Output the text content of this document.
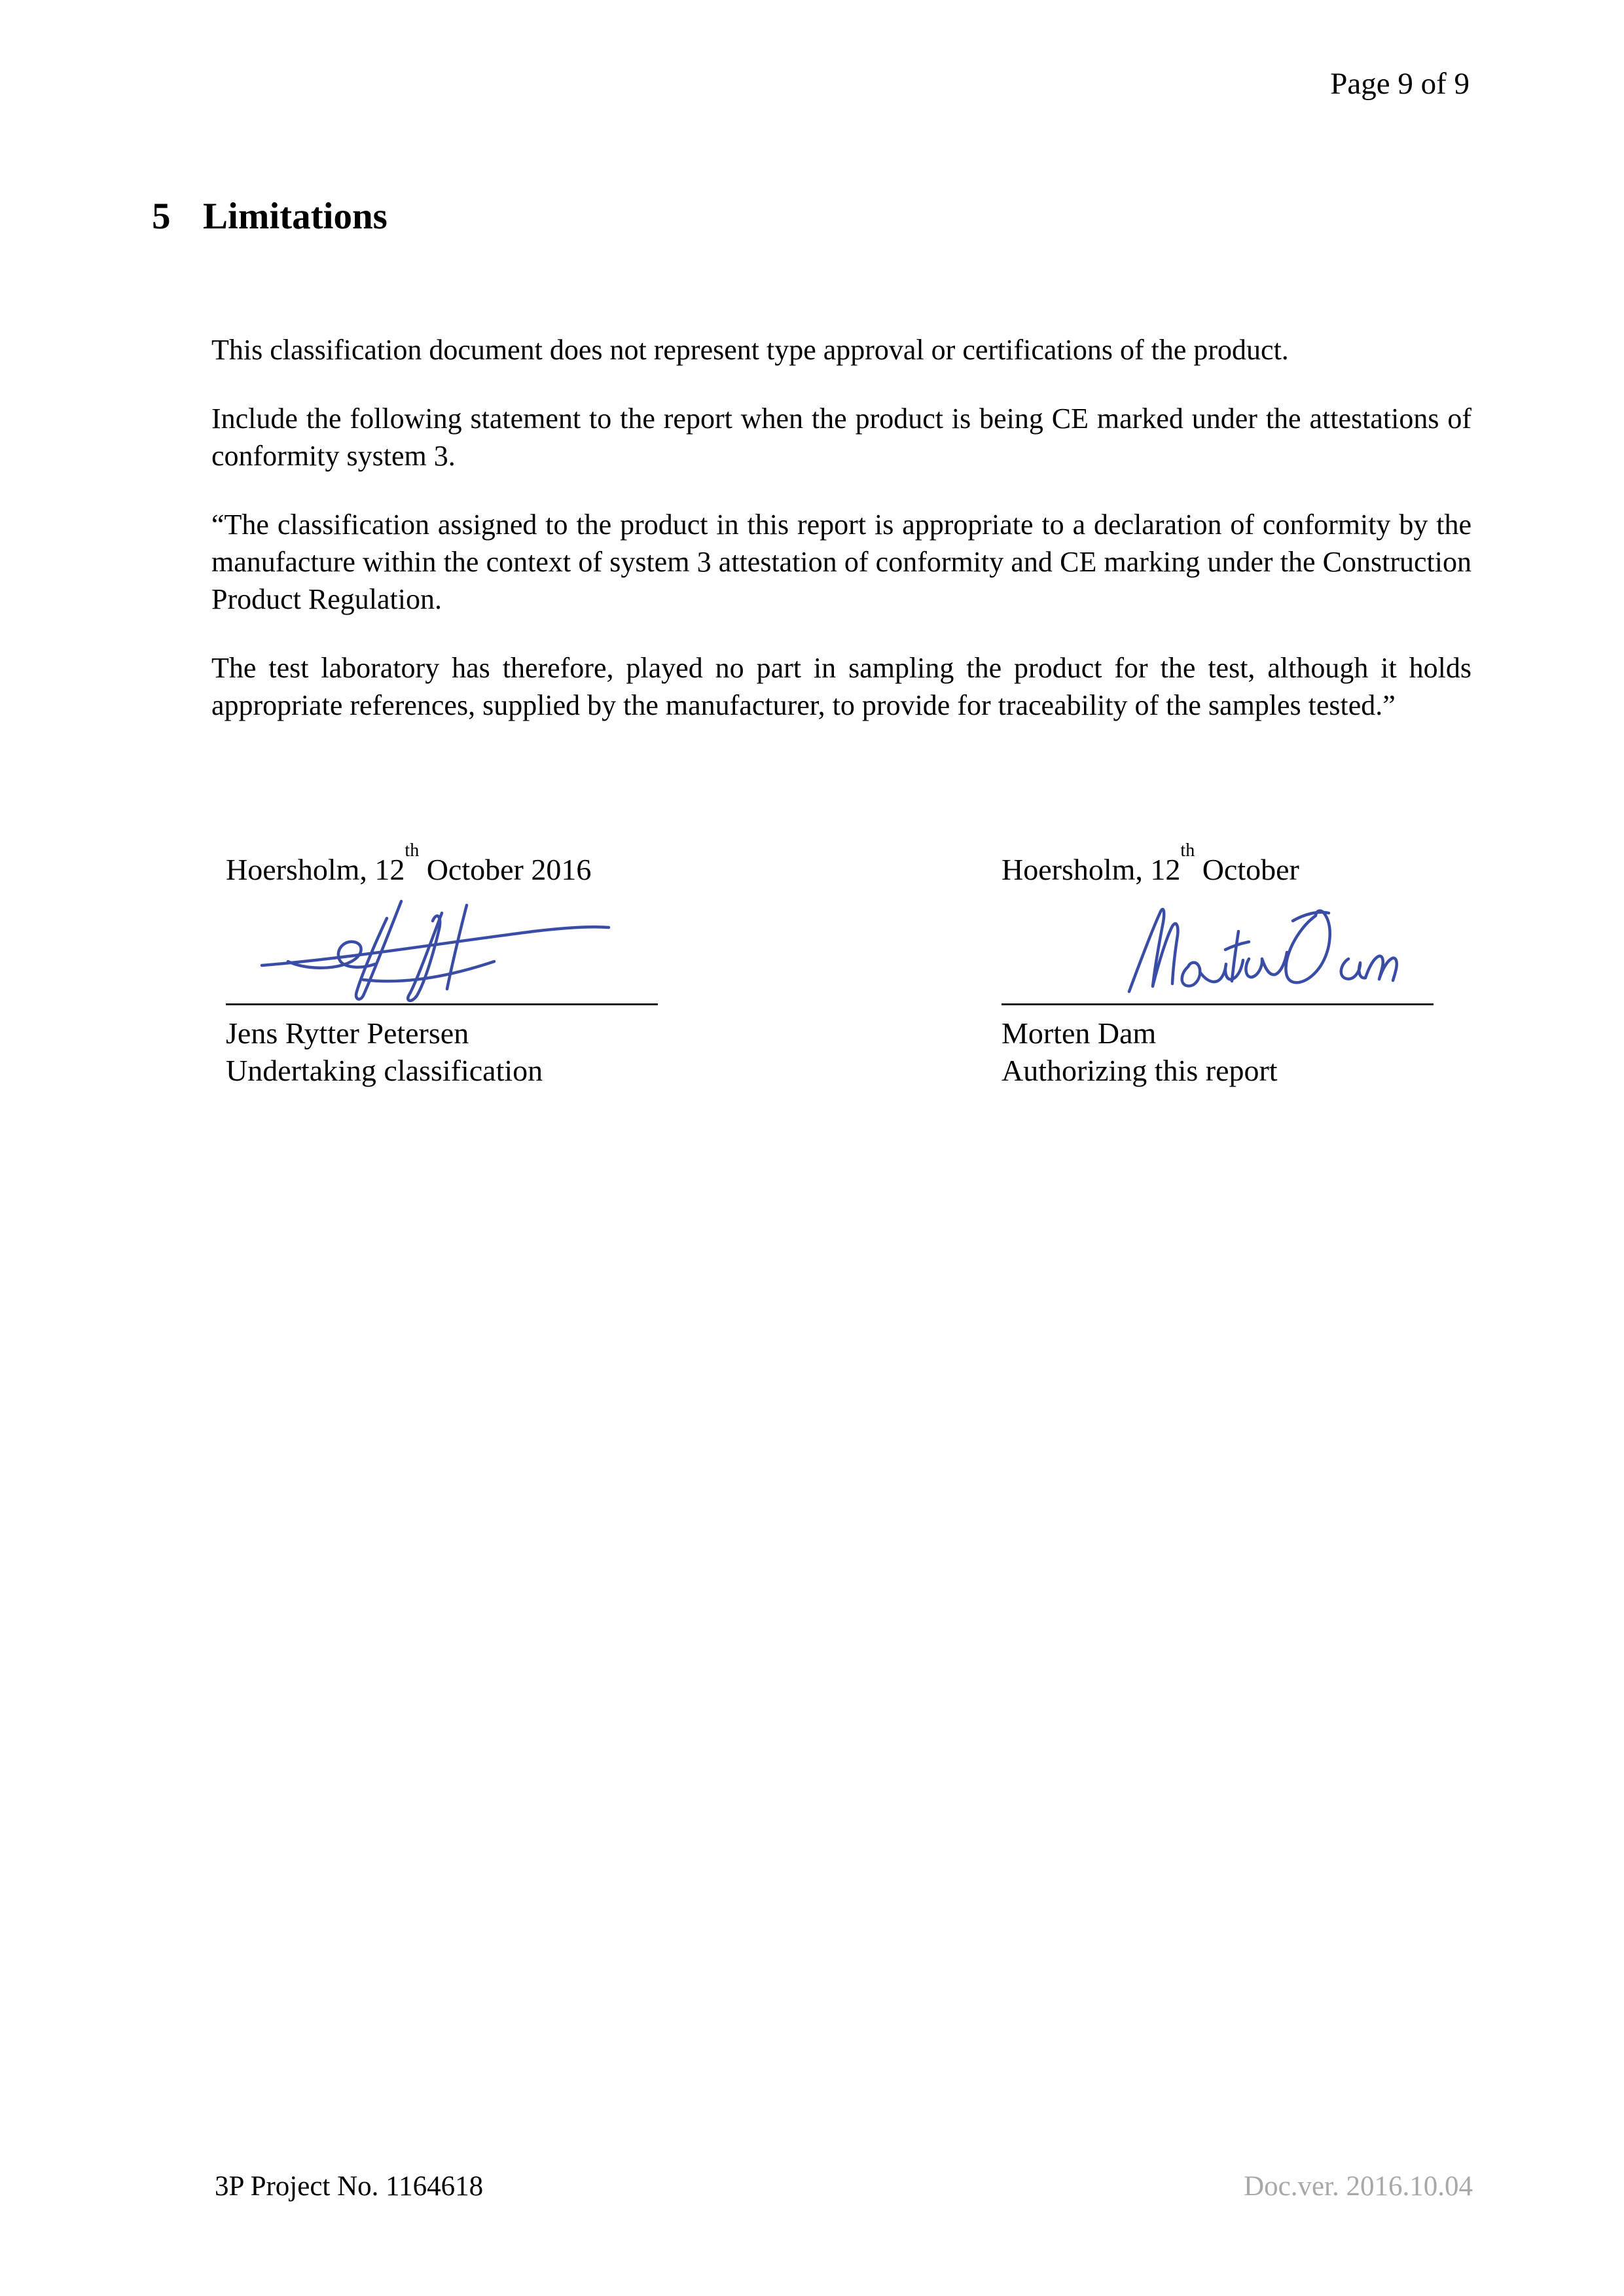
Page 9 of 9
5 Limitations

This classification document does not represent type approval or certifications of the product.

Include the following statement to the report when the product is being CE marked under the attestations of conformity system 3.

“The classification assigned to the product in this report is appropriate to a declaration of conformity by the manufacture within the context of system 3 attestation of conformity and CE marking under the Construction Product Regulation.

The test laboratory has therefore, played no part in sampling the product for the test, although it holds appropriate references, supplied by the manufacturer, to provide for traceability of the samples tested.”

Hoersholm, 12th October 2016
Jens Rytter Petersen
Undertaking classification
Hoersholm, 12th October
Morten Dam
Authorizing this report
3P Project No. 1164618	Doc.ver. 2016.10.04
